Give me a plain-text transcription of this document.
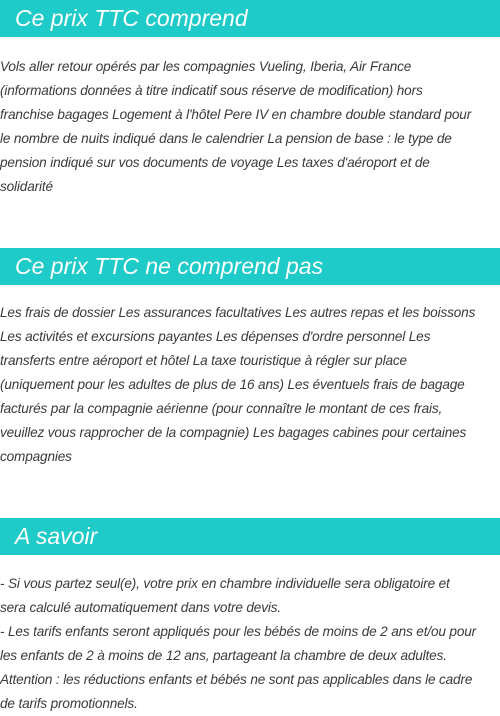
Ce prix TTC comprend
Vols aller retour opérés par les compagnies Vueling, Iberia, Air France
(informations données à titre indicatif sous réserve de modification) hors
franchise bagages Logement à l'hôtel Pere IV en chambre double standard pour
le nombre de nuits indiqué dans le calendrier La pension de base : le type de
pension indiqué sur vos documents de voyage Les taxes d'aéroport et de
solidarité
Ce prix TTC ne comprend pas
Les frais de dossier Les assurances facultatives Les autres repas et les boissons
Les activités et excursions payantes Les dépenses d'ordre personnel Les
transferts entre aéroport et hôtel La taxe touristique à régler sur place
(uniquement pour les adultes de plus de 16 ans) Les éventuels frais de bagage
facturés par la compagnie aérienne (pour connaître le montant de ces frais,
veuillez vous rapprocher de la compagnie) Les bagages cabines pour certaines
compagnies
A savoir
- Si vous partez seul(e), votre prix en chambre individuelle sera obligatoire et
sera calculé automatiquement dans votre devis.
- Les tarifs enfants seront appliqués pour les bébés de moins de 2 ans et/ou pour
les enfants de 2 à moins de 12 ans, partageant la chambre de deux adultes.
Attention : les réductions enfants et bébés ne sont pas applicables dans le cadre
de tarifs promotionnels.
